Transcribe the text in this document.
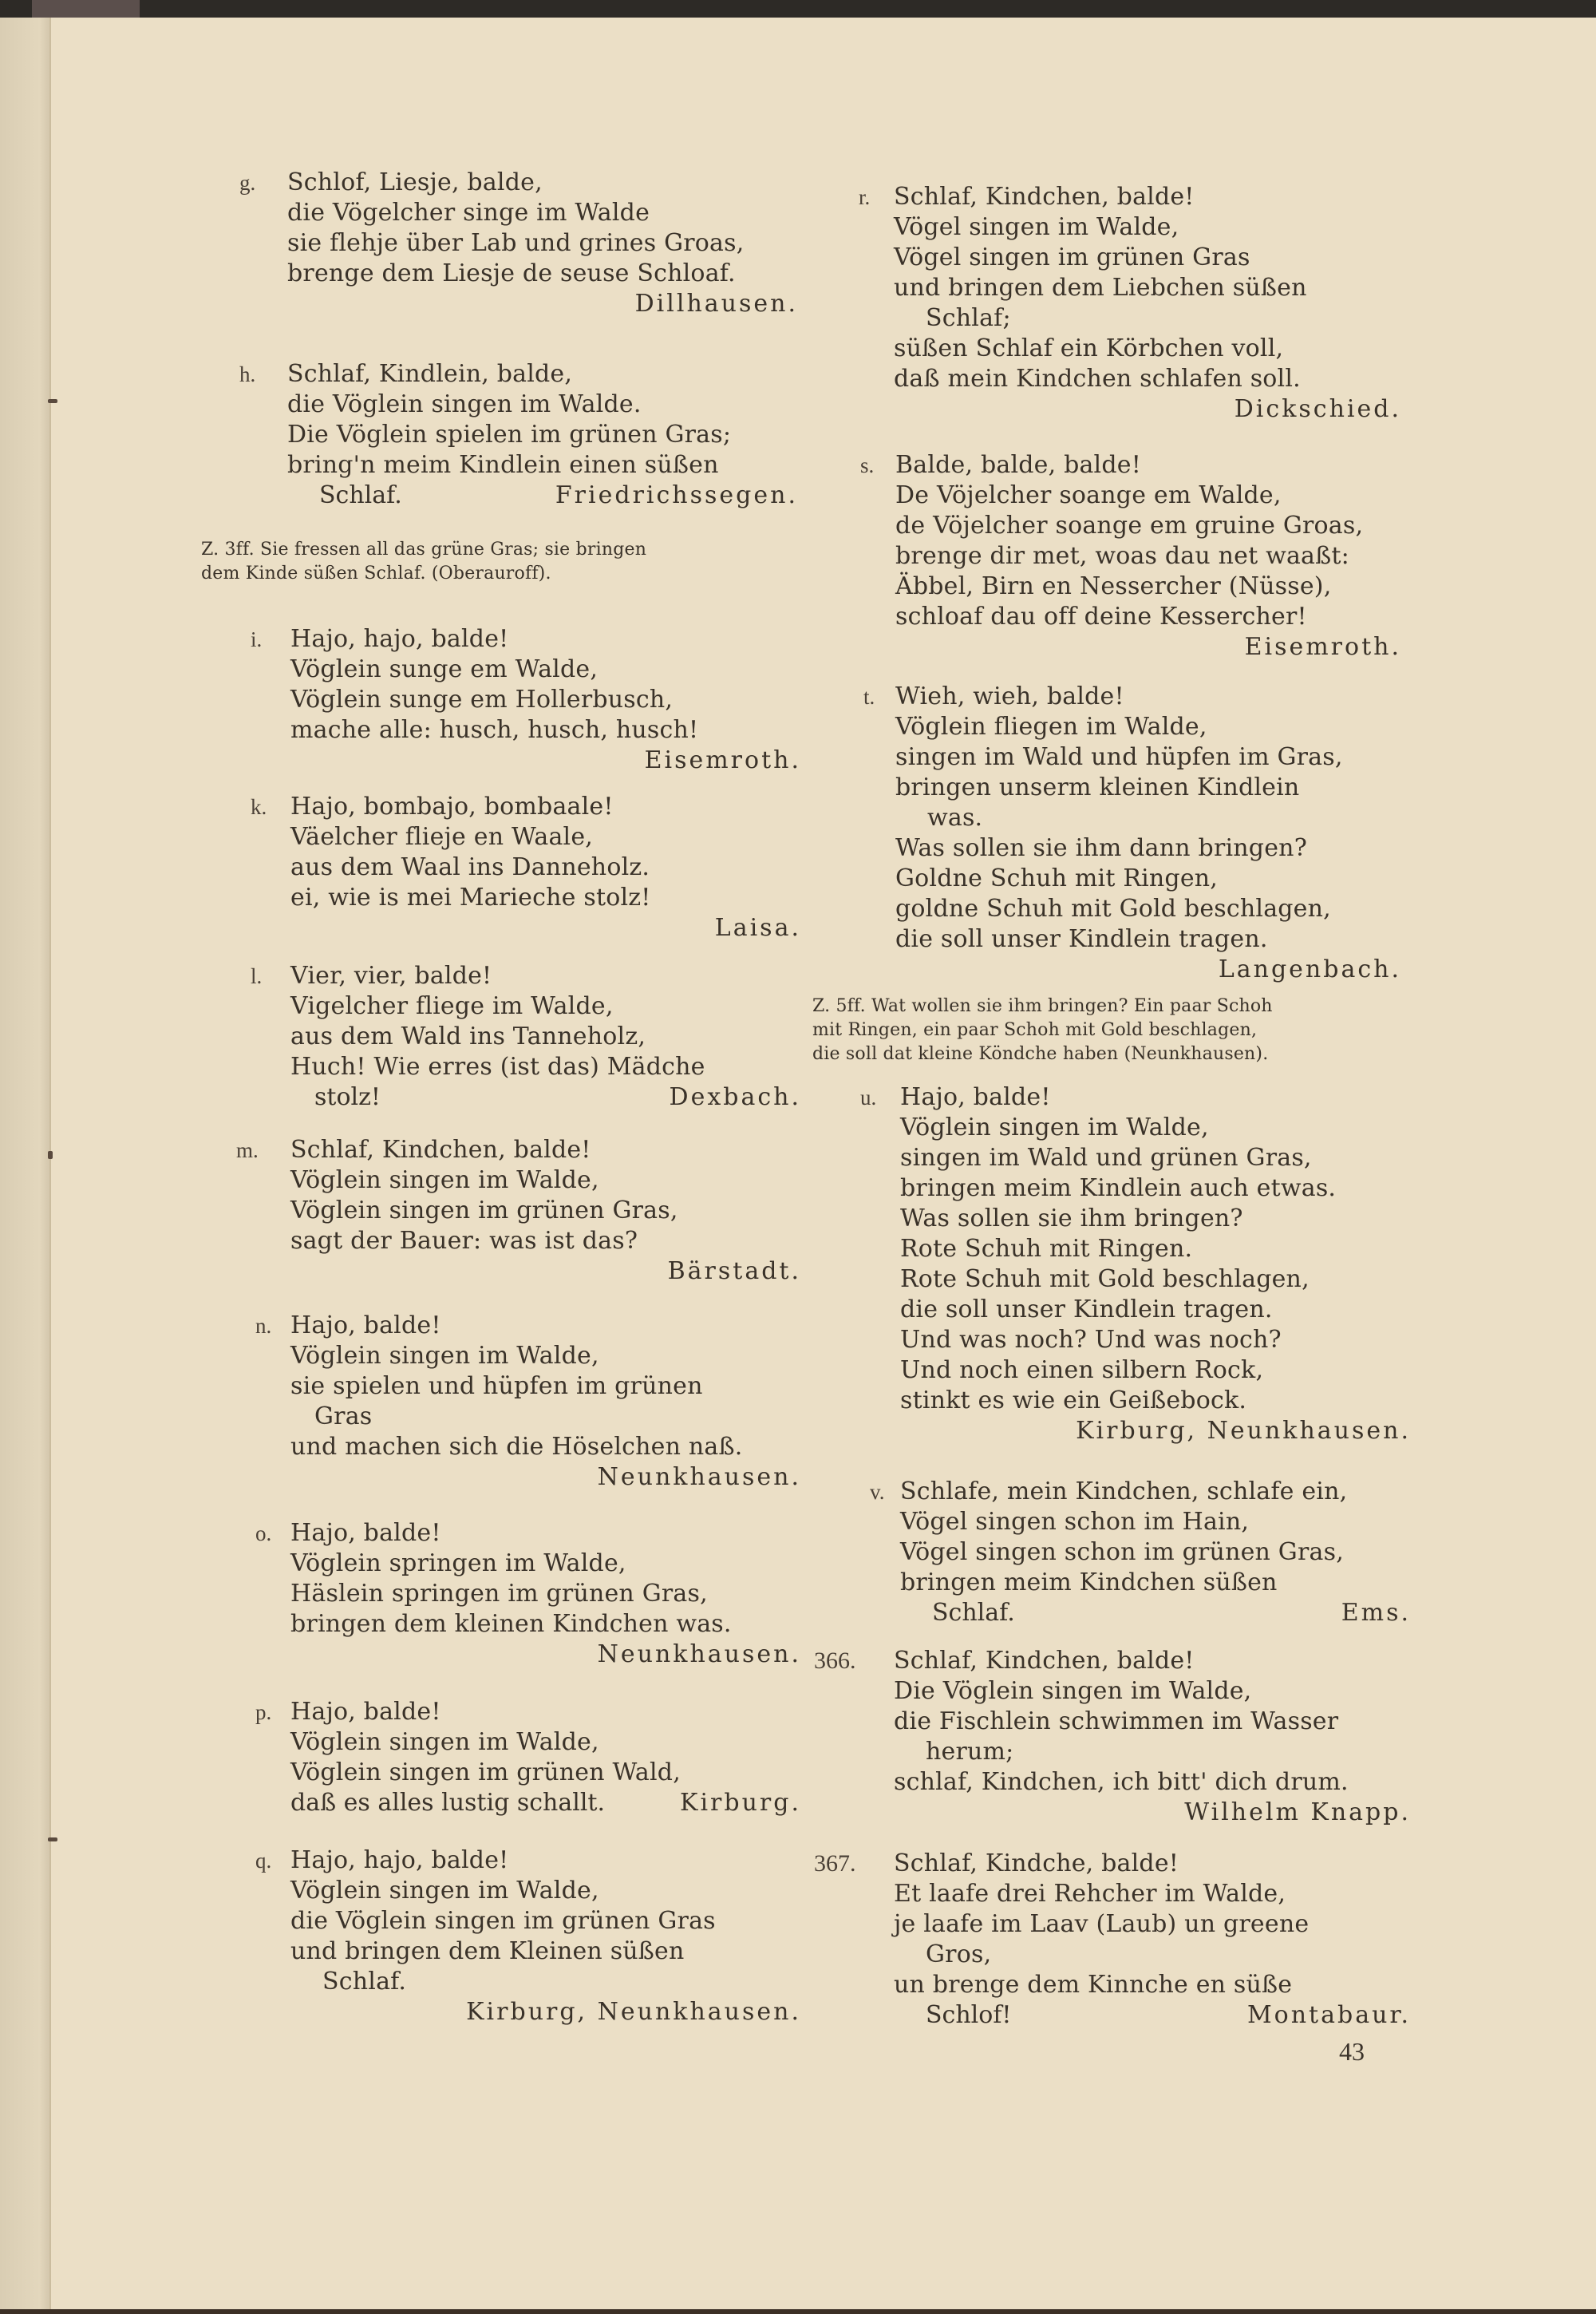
g. Schlof, Liesje, balde,
die Vögelcher singe im Walde
sie flehje über Lab und grines Groas,
brenge dem Liesje de seuse Schloaf.
Dillhausen.
h. Schlaf, Kindlein, balde,
die Vöglein singen im Walde.
Die Vöglein spielen im grünen Gras;
bring'n meim Kindlein einen süßen
Schlaf.	Friedrichssegen.
Z. 3ff. Sie fressen all das grüne Gras; sie bringen
dem Kinde süßen Schlaf. (Oberauroff).
i. Hajo, hajo, balde!
Vöglein sunge em Walde,
Vöglein sunge em Hollerbusch,
mache alle: husch, husch, husch!
Eisemroth.
k. Hajo, bombajo, bombaale!
Väelcher flieje en Waale,
aus dem Waal ins Danneholz.
ei, wie is mei Marieche stolz!
Laisa.
l. Vier, vier, balde!
Vigelcher fliege im Walde,
aus dem Wald ins Tanneholz,
Huch! Wie erres (ist das) Mädche
stolz!	Dexbach.
m. Schlaf, Kindchen, balde!
Vöglein singen im Walde,
Vöglein singen im grünen Gras,
sagt der Bauer: was ist das?
Bärstadt.
n. Hajo, balde!
Vöglein singen im Walde,
sie spielen und hüpfen im grünen
Gras
und machen sich die Höselchen naß.
Neunkhausen.
o. Hajo, balde!
Vöglein springen im Walde,
Häslein springen im grünen Gras,
bringen dem kleinen Kindchen was.
Neunkhausen.
p. Hajo, balde!
Vöglein singen im Walde,
Vöglein singen im grünen Wald,
daß es alles lustig schallt.	Kirburg.
q. Hajo, hajo, balde!
Vöglein singen im Walde,
die Vöglein singen im grünen Gras
und bringen dem Kleinen süßen
Schlaf.
Kirburg, Neunkhausen.
r. Schlaf, Kindchen, balde!
Vögel singen im Walde,
Vögel singen im grünen Gras
und bringen dem Liebchen süßen
Schlaf;
süßen Schlaf ein Körbchen voll,
daß mein Kindchen schlafen soll.
Dickschied.
s. Balde, balde, balde!
De Vöjelcher soange em Walde,
de Vöjelcher soange em gruine Groas,
brenge dir met, woas dau net waaßt:
Äbbel, Birn en Nessercher (Nüsse),
schloaf dau off deine Kessercher!
Eisemroth.
t. Wieh, wieh, balde!
Vöglein fliegen im Walde,
singen im Wald und hüpfen im Gras,
bringen unserm kleinen Kindlein
was.
Was sollen sie ihm dann bringen?
Goldne Schuh mit Ringen,
goldne Schuh mit Gold beschlagen,
die soll unser Kindlein tragen.
Langenbach.
Z. 5ff. Wat wollen sie ihm bringen? Ein paar Schoh
mit Ringen, ein paar Schoh mit Gold beschlagen,
die soll dat kleine Köndche haben (Neunkhausen).
u. Hajo, balde!
Vöglein singen im Walde,
singen im Wald und grünen Gras,
bringen meim Kindlein auch etwas.
Was sollen sie ihm bringen?
Rote Schuh mit Ringen.
Rote Schuh mit Gold beschlagen,
die soll unser Kindlein tragen.
Und was noch? Und was noch?
Und noch einen silbern Rock,
stinkt es wie ein Geißebock.
Kirburg, Neunkhausen.
v. Schlafe, mein Kindchen, schlafe ein,
Vögel singen schon im Hain,
Vögel singen schon im grünen Gras,
bringen meim Kindchen süßen
Schlaf.	Ems.
366. Schlaf, Kindchen, balde!
Die Vöglein singen im Walde,
die Fischlein schwimmen im Wasser
herum;
schlaf, Kindchen, ich bitt' dich drum.
Wilhelm Knapp.
367. Schlaf, Kindche, balde!
Et laafe drei Rehcher im Walde,
je laafe im Laav (Laub) un greene
Gros,
un brenge dem Kinnche en süße
Schlof!	Montabaur.
43
